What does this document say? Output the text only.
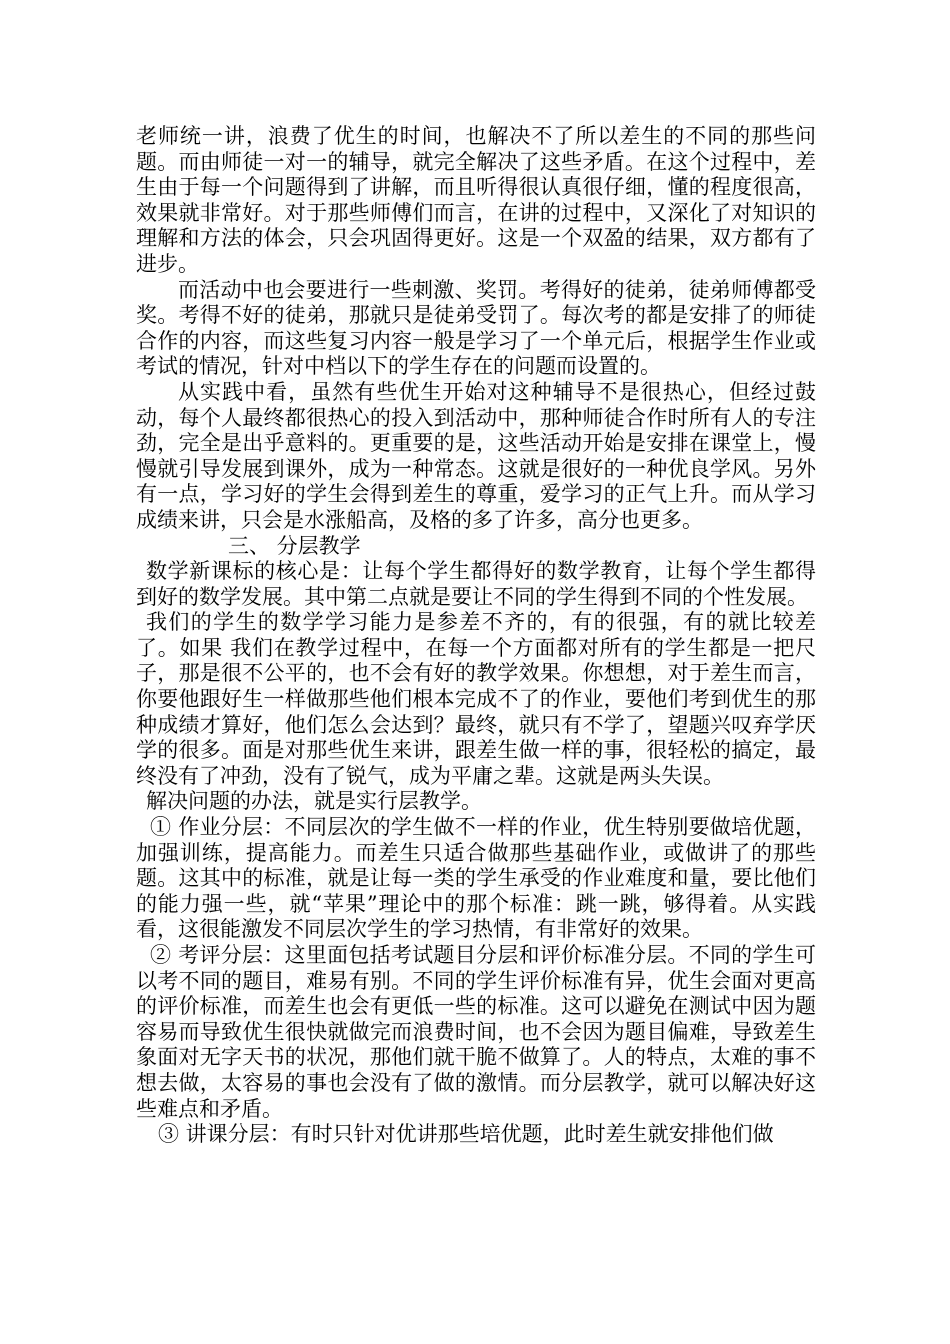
老师统一讲，浪费了优生的时间，也解决不了所以差生的不同的那些问题。而由师徒一对一的辅导，就完全解决了这些矛盾。在这个过程中，差生由于每一个问题得到了讲解，而且听得很认真很仔细，懂的程度很高，效果就非常好。对于那些师傅们而言，在讲的过程中，又深化了对知识的理解和方法的体会，只会巩固得更好。这是一个双盈的结果，双方都有了进步。

而活动中也会要进行一些刺激、奖罚。考得好的徒弟，徒弟师傅都受奖。考得不好的徒弟，那就只是徒弟受罚了。每次考的都是安排了的师徒合作的内容，而这些复习内容一般是学习了一个单元后，根据学生作业或考试的情况，针对中档以下的学生存在的问题而设置的。

从实践中看，虽然有些优生开始对这种辅导不是很热心，但经过鼓动，每个人最终都很热心的投入到活动中，那种师徒合作时所有人的专注劲，完全是出乎意料的。更重要的是，这些活动开始是安排在课堂上，慢慢就引导发展到课外，成为一种常态。这就是很好的一种优良学风。另外有一点，学习好的学生会得到差生的尊重，爱学习的正气上升。而从学习成绩来讲，只会是水涨船高，及格的多了许多，高分也更多。

三、 分层教学

数学新课标的核心是：让每个学生都得好的数学教育，让每个学生都得到好的数学发展。其中第二点就是要让不同的学生得到不同的个性发展。

我们的学生的数学学习能力是参差不齐的，有的很强，有的就比较差了。如果 我们在教学过程中，在每一个方面都对所有的学生都是一把尺子，那是很不公平的，也不会有好的教学效果。你想想，对于差生而言，你要他跟好生一样做那些他们根本完成不了的作业，要他们考到优生的那种成绩才算好，他们怎么会达到？最终，就只有不学了，望题兴叹弃学厌学的很多。面是对那些优生来讲，跟差生做一样的事，很轻松的搞定，最终没有了冲劲，没有了锐气，成为平庸之辈。这就是两头失误。

解决问题的办法，就是实行层教学。

① 作业分层：不同层次的学生做不一样的作业，优生特别要做培优题，加强训练，提高能力。而差生只适合做那些基础作业，或做讲了的那些题。这其中的标准，就是让每一类的学生承受的作业难度和量，要比他们的能力强一些，就“苹果”理论中的那个标准：跳一跳，够得着。从实践看，这很能激发不同层次学生的学习热情，有非常好的效果。

② 考评分层：这里面包括考试题目分层和评价标准分层。不同的学生可以考不同的题目，难易有别。不同的学生评价标准有异，优生会面对更高的评价标准，而差生也会有更低一些的标准。这可以避免在测试中因为题容易而导致优生很快就做完而浪费时间，也不会因为题目偏难，导致差生象面对无字天书的状况，那他们就干脆不做算了。人的特点，太难的事不想去做，太容易的事也会没有了做的激情。而分层教学，就可以解决好这些难点和矛盾。

③ 讲课分层：有时只针对优讲那些培优题，此时差生就安排他们做
